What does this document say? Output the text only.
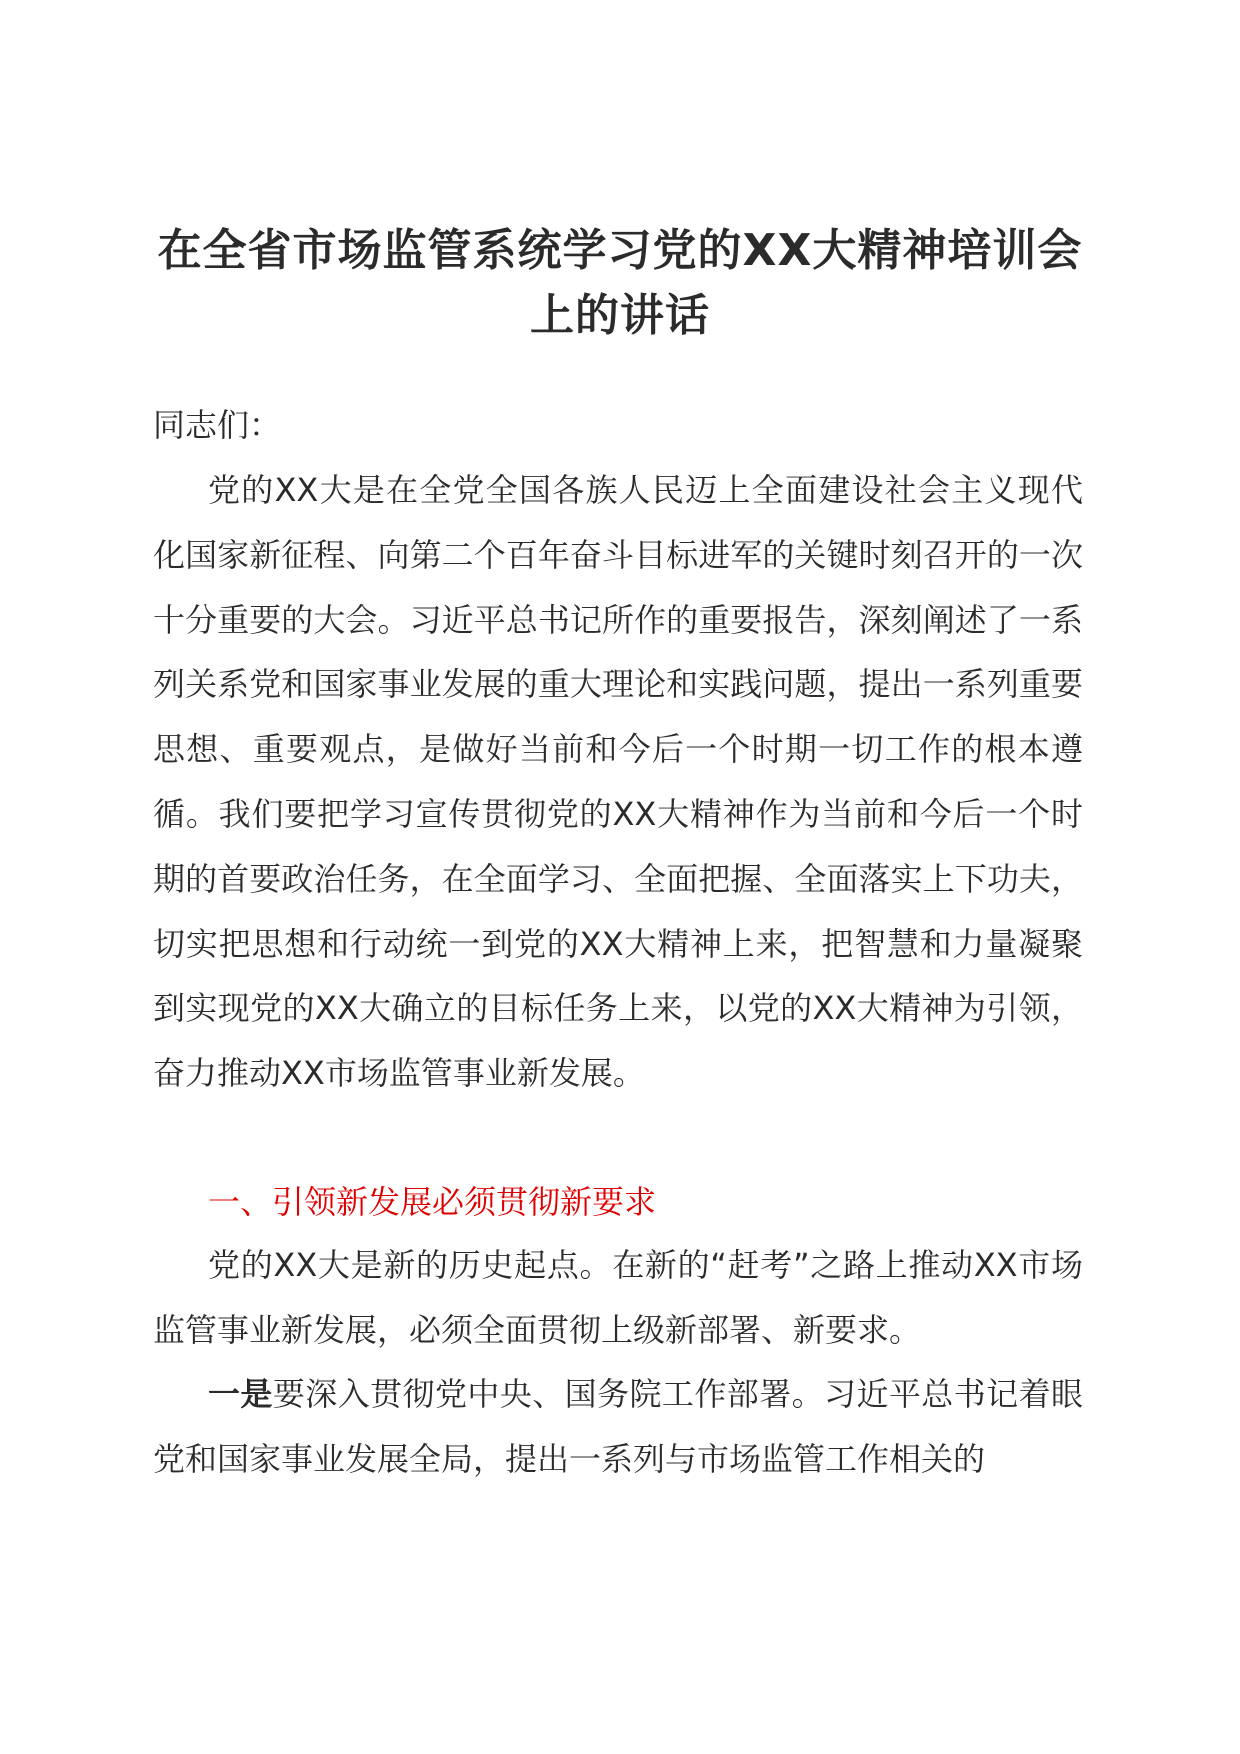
在全省市场监管系统学习党的XX大精神培训会上的讲话

同志们：

党的XX大是在全党全国各族人民迈上全面建设社会主义现代化国家新征程、向第二个百年奋斗目标进军的关键时刻召开的一次十分重要的大会。习近平总书记所作的重要报告，深刻阐述了一系列关系党和国家事业发展的重大理论和实践问题，提出一系列重要思想、重要观点，是做好当前和今后一个时期一切工作的根本遵循。我们要把学习宣传贯彻党的XX大精神作为当前和今后一个时期的首要政治任务，在全面学习、全面把握、全面落实上下功夫，切实把思想和行动统一到党的XX大精神上来，把智慧和力量凝聚到实现党的XX大确立的目标任务上来，以党的XX大精神为引领，奋力推动XX市场监管事业新发展。

一、引领新发展必须贯彻新要求

党的XX大是新的历史起点。在新的“赶考”之路上推动XX市场监管事业新发展，必须全面贯彻上级新部署、新要求。

一是要深入贯彻党中央、国务院工作部署。习近平总书记着眼党和国家事业发展全局，提出一系列与市场监管工作相关的
